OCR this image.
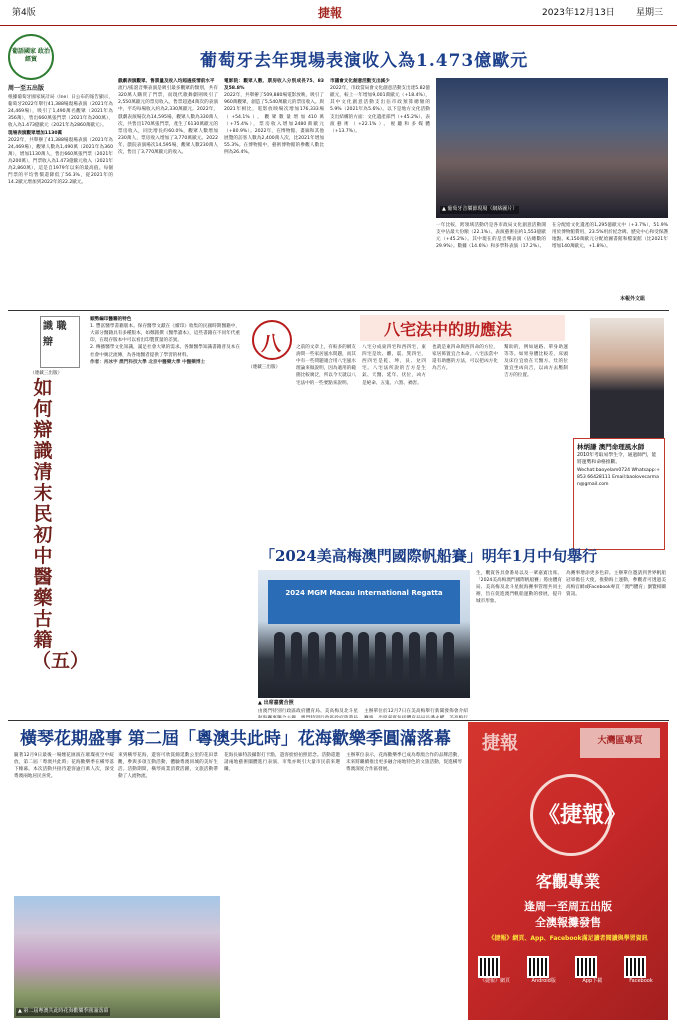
第4版	捷報	2023年12月13日 星期三
葡語國家 政治經貿
周一至五出版
葡萄牙去年現場表演收入為1.473億歐元

根據葡萄牙國家統計局（Ine）日公布的報告顯示，葡萄牙2022年舉行41,388場現場表演（2021年為24,469場），吸引了1,490萬名觀眾（2021年為356萬），售出660萬張門票（2021年為200萬），收入為1.473億歐元（2021年為2860萬歐元）。

現場表演觀眾增加1130萬

2022年，共舉辦了41,388場現場表演（2021年為24,469場），觀眾人數為1,490萬（2021年為360萬），增加1130萬人，售出660萬張門票（2021年為200萬），門票收入為1.473億歐元收入（2021年為2,860萬），這是自1979年以來的最高值。每個門票的平均售價還降低了56.3%，從2021年的14.2歐元增加到2022年的22.2歐元。

戲劇表演觀眾、售票量及收入均超過疫情前水平

流行/搖滾音樂表演是吸引最多觀眾的類別，共有320萬人購買了門票，而現代歌舞劇則吸引了2,550萬歐元的票房收入。售票超過4萬次的表演中，平均每場收入約為2,330萬歐元。2022年，戲劇表演場次為14,595場，觀眾人數為330萬人次，共售出170萬張門票，產生了6130萬歐元的票房收入，同比增長約60.0%，觀眾人數增加230萬人，票房收入增加了3,770萬歐元。2022年，戲院表演場次14,595場，觀眾人數230萬人次，售出了3,770萬歐元的收入。

電影院：觀眾人數、票房收入分別成長75、83及58.8%

2022年，共舉辦了509,880場電影放映，吸引了960萬觀眾，創造了5,540萬歐元的票房收入。與2021年相比，電影放映場次增加176,333場（+54.1%），觀眾數量增加410萬（+75.4%），票房收入增加2480萬歐元（+80.9%）。2022年，在博物館、畫廊和其他展覽的訪客人數為2,400萬人次，比2021年增加55.3%。在博物館中，藝術博物館的參觀人數比例為26.4%。

市議會文化創意活動支出減少

2022年，市政當局會文化創意活動支出達5.82億歐元，較上一年增加9,001萬歐元（+18.4%），其中文化創意活動支出佔市政預算總額的5.9%（2021年為5.6%）。以下是地方文化活動支出結構的方面：文化遺產部門（+45.2%）、表演藝術（+22.1%）、視聽和多媒體（+13.7%）。

▲ 葡萄牙音樂節現場（網絡圖片）
一年比較，跨領域活動仍是各市政局文化創意活動開支中佔最大份額（22.1%）。表演藝術佔約1,553億歐元（+45.2%）。其中現在的是音樂表演（佔總數的29.9%）。數據（14.6%）和多學科表演（17.2%）。
在分配給文化遺產的1,295億歐元中（+3.7%），51.9%用於博物館費用，23.5%用於紀念碑、歷史中心和受保護地點。K,150萬歐元分配給圖書館和檔案館（比2021年增加140萬歐元，+1.8%）。
本報外文組
識 職 辯
（連載三出版）
如何辯識清末民初中醫藥古籍（五）

順勢編印醫籍的特色

1. 豐富醫學書籍版本。保存醫學文獻在《續印》收集的民國時期醫籍中，大部分醫籍具有多種版本，如鄭銘撰《醫學讀本》，這些書籍在不同年代重印，在現存版本中可以看出印製質量的差異。

2. 傳播醫學文化知識，滿足社會大眾的需求。各類醫學知識書籍普及本在社會中廣泛流傳，為各地醫者提供了學習的材料。

作者：肖冰宇 澳門科技大學 北京中醫藥大學 中醫藥博士

八
（連載三出版）
八宅法中的助應法
之前的文章上，有較多的網友詢問一些家居風水問題，而其中有一些問題適合用八宅風水理論來做說明，因為適用的範圍比較廣泛，所以今天就以八宅法中的一些要點來說明。
八宅分成東四宅和西四宅，東四宅是坎、離、震、巽四宅，西四宅是乾、坤、艮、兌四宅。八宅法所說的吉方是生氣、天醫、延年、伏位，凶方是絕命、五鬼、六煞、禍害。
也就是東四命與西四命的方位，家居佈置宜合本命。八宅法當中還有助應的方法，可以把凶方化為吉方。
幫助的，例如通路、單身助運等等。如果身體比較差，床頭及床位宜放在天醫方。灶的位置宜坐凶向吉，以凶方去壓制吉方的位置。

林炳謙 澳門命理風水師

2010年考取易學生令，通過師門，能將運勢和命格推斷。

Wechat:baoyelam0724 Whatsapp:+853 66428111 Email:baolovecarman@gmail.com

「2024美高梅澳門國際帆船賽」明年1月中旬舉行
2024 MGM Macau International Regatta
▲ 出席嘉賓合照
由澳門特別行政區政府體育局、美高梅及北斗星 主辦單位於12月7日在美高梅舉行新聞發佈會介紹
生，觀賞各具會番易以及一眾嘉賓出席。「2024美高梅澳門國際帆船賽」將由體育局、美高梅及北斗星航海賽事管理共同主辦，旨在促進澳門帆船運動的發展，提升城市形象。
為賽事增添更多色彩。主辦單位邀請到世界帆船冠軍擔任大使，推動海上運動，參觀者可透過美高梅官網或Facebook專頁「澳門體育」瀏覽相關資訊。
橫琴花期盛事 第二屆「粵澳共此時」花海歡樂季圓滿落幕
隨著12月9日最後一場煙花匯演在璀璨夜空中綻放，第二屆「粵澳共此時」花海歡樂季在橫琴落下帷幕。本次活動共接待遊客逾百萬人次，深受粵澳兩地居民喜愛。
來到橫琴花海，遊客可欣賞綿延數公里的花田景觀，參與多項互動活動，體驗粵澳同城的美好生活。活動期間，橫琴商業消費活躍，文旅活動帶動了人流物流。
花海長廊特設攝影打卡點，遊客紛紛拍照留念。活動還邀請兩地藝術團體進行表演，市集亦吸引大量市民前來選購。
主辦單位表示，花海歡樂季已成為粵澳合作的品牌活動，未來將繼續推出更多融合兩地特色的文旅活動，促進橫琴粵澳深度合作區發展。
▲ 第二屆粵澳共此時花海歡樂季圓滿落幕
捷報	大灣區專頁
《捷報》
客觀專業
逢周一至周五出版
全澳報攤發售
《捷報》網頁、App、Facebook滿足讀者閱讀與學習資訊
《捷報》網頁	Android版	App下載	Facebook
